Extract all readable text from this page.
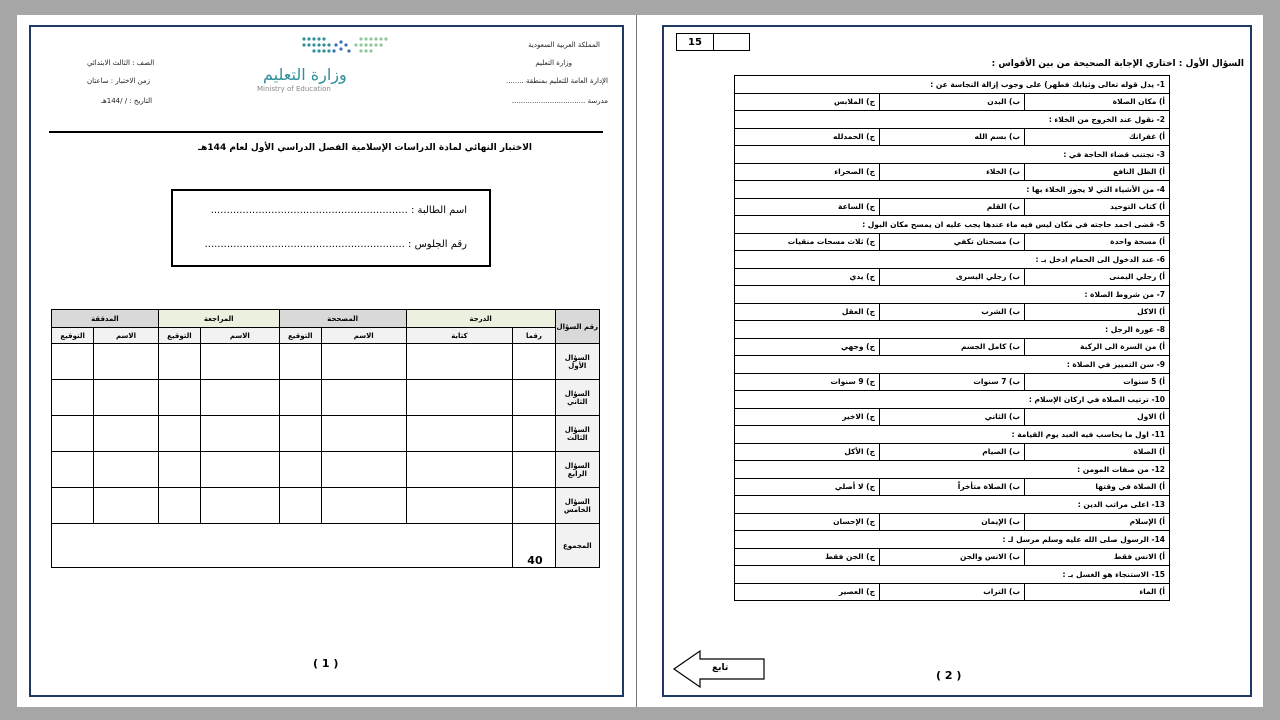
المملكة العربية السعودية
وزارة التعليم
الإدارة العامة للتعليم بمنطقة ........
مدرسة .................................
الصف : الثالث الابتدائي
زمن الاختبار : ساعتان
التاريخ : / /144هـ
وزارة التعليم
Ministry of Education
الاختبار النهائي لمادة الدراسات الإسلامية الفصل الدراسي الأول لعام 144هـ
اسم الطالبة : ..............................................................
رقم الجلوس : ...............................................................
المدققة		المراجعة		المصححة		الدرجة		رقم السؤال
التوقيع	الاسم	التوقيع	الاسم	التوقيع	الاسم	كتابة	رقما	
								السؤال الأول
								السؤال الثاني
								السؤال الثالث
								السؤال الرابع
								السؤال الخامس
							40	المجموع
( 1 )
15
السؤال الأول : اختاري الإجابة الصحيحة من بين الأقواس :
1- يدل قوله تعالى وثيابك فطهر) على وجوب إزالة النجاسة عن :		
أ) مكان الصلاة	ب) البدن	ج) الملابس
2- نقول عند الخروج من الخلاء :		
أ) غفرانك	ب) بسم الله	ج) الحمدلله
3- تجتنب قضاء الحاجة في :		
أ) الظل النافع	ب) الخلاء	ج) الصحراء
4- من الأشياء التي لا يجوز الخلاء بها :		
أ) كتاب التوحيد	ب) القلم	ج) الساعة
5- قضى احمد حاجته في مكان ليس فيه ماء عندها يجب عليه ان يمسح مكان البول :		
أ) مسحة واحدة	ب) مسحتان تكفي	ج) ثلاث مسحات منقيات
6- عند الدخول الى الحمام ادخل بـ :		
أ) رجلي اليمنى	ب) رجلي اليسرى	ج) يدي
7- من شروط الصلاة :		
أ) الاكل	ب) الشرب	ج) العقل
8- عورة الرجل :		
أ) من السرة الى الركبة	ب) كامل الجسم	ج) وجهي
9- سن التمييز في الصلاة :		
أ) 5 سنوات	ب) 7 سنوات	ج) 9 سنوات
10- ترتيب الصلاة في اركان الإسلام :		
أ) الاول	ب) الثاني	ج) الاخير
11- اول ما يحاسب فيه العبد يوم القيامة :		
أ) الصلاة	ب) الصيام	ج) الأكل
12- من صفات المومن :		
أ) الصلاة في وقتها	ب) الصلاة متأخراً	ج) لا أصلي
13- اعلى مراتب الدين :		
أ) الإسلام	ب) الإيمان	ج) الإحسان
14- الرسول صلى الله عليه وسلم مرسل لـ :		
أ) الانس فقط	ب) الانس والجن	ج) الجن فقط
15- الاستنجاء هو الغسل بـ :		
أ) الماء	ب) التراب	ج) العصير
تابع
( 2 )
